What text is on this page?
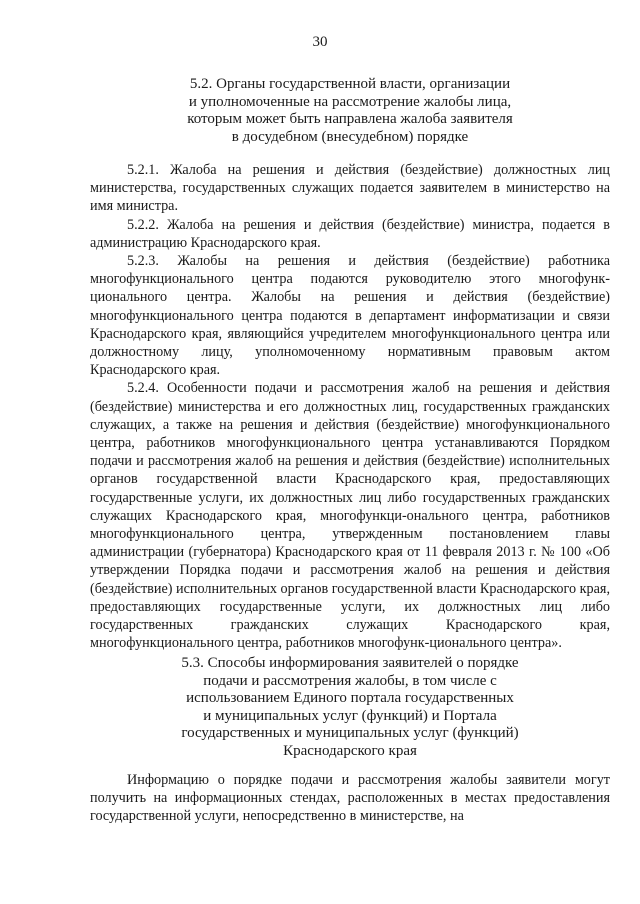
30

5.2. Органы государственной власти, организации

и уполномоченные на рассмотрение жалобы лица,

которым может быть направлена жалоба заявителя

в досудебном (внесудебном) порядке

5.2.1. Жалоба на решения и действия (бездействие) должностных лиц министерства, государственных служащих подается заявителем в министерство на имя министра.

5.2.2. Жалоба на решения и действия (бездействие) министра, подается в администрацию Краснодарского края.

5.2.3. Жалобы на решения и действия (бездействие) работника многофункционального центра подаются руководителю этого многофунк-ционального центра. Жалобы на решения и действия (бездействие) многофункционального центра подаются в департамент информатизации и связи Краснодарского края, являющийся учредителем многофункционального центра или должностному лицу, уполномоченному нормативным правовым актом Краснодарского края.

5.2.4. Особенности подачи и рассмотрения жалоб на решения и действия (бездействие) министерства и его должностных лиц, государственных гражданских служащих, а также на решения и действия (бездействие) многофункционального центра, работников многофункционального центра устанавливаются Порядком подачи и рассмотрения жалоб на решения и действия (бездействие) исполнительных органов государственной власти Краснодарского края, предоставляющих государственные услуги, их должностных лиц либо государственных гражданских служащих Краснодарского края, многофункци-онального центра, работников многофункционального центра, утвержденным постановлением главы администрации (губернатора) Краснодарского края от 11 февраля 2013 г. № 100 «Об утверждении Порядка подачи и рассмотрения жалоб на решения и действия (бездействие) исполнительных органов государственной власти Краснодарского края, предоставляющих государственные услуги, их должностных лиц либо государственных гражданских служащих Краснодарского края, многофункционального центра, работников многофунк-ционального центра».

5.3. Способы информирования заявителей о порядке

подачи и рассмотрения жалобы, в том числе с

использованием Единого портала государственных

и муниципальных услуг (функций) и Портала

государственных и муниципальных услуг (функций)

Краснодарского края

Информацию о порядке подачи и рассмотрения жалобы заявители могут получить на информационных стендах, расположенных в местах предоставления государственной услуги, непосредственно в министерстве, на
